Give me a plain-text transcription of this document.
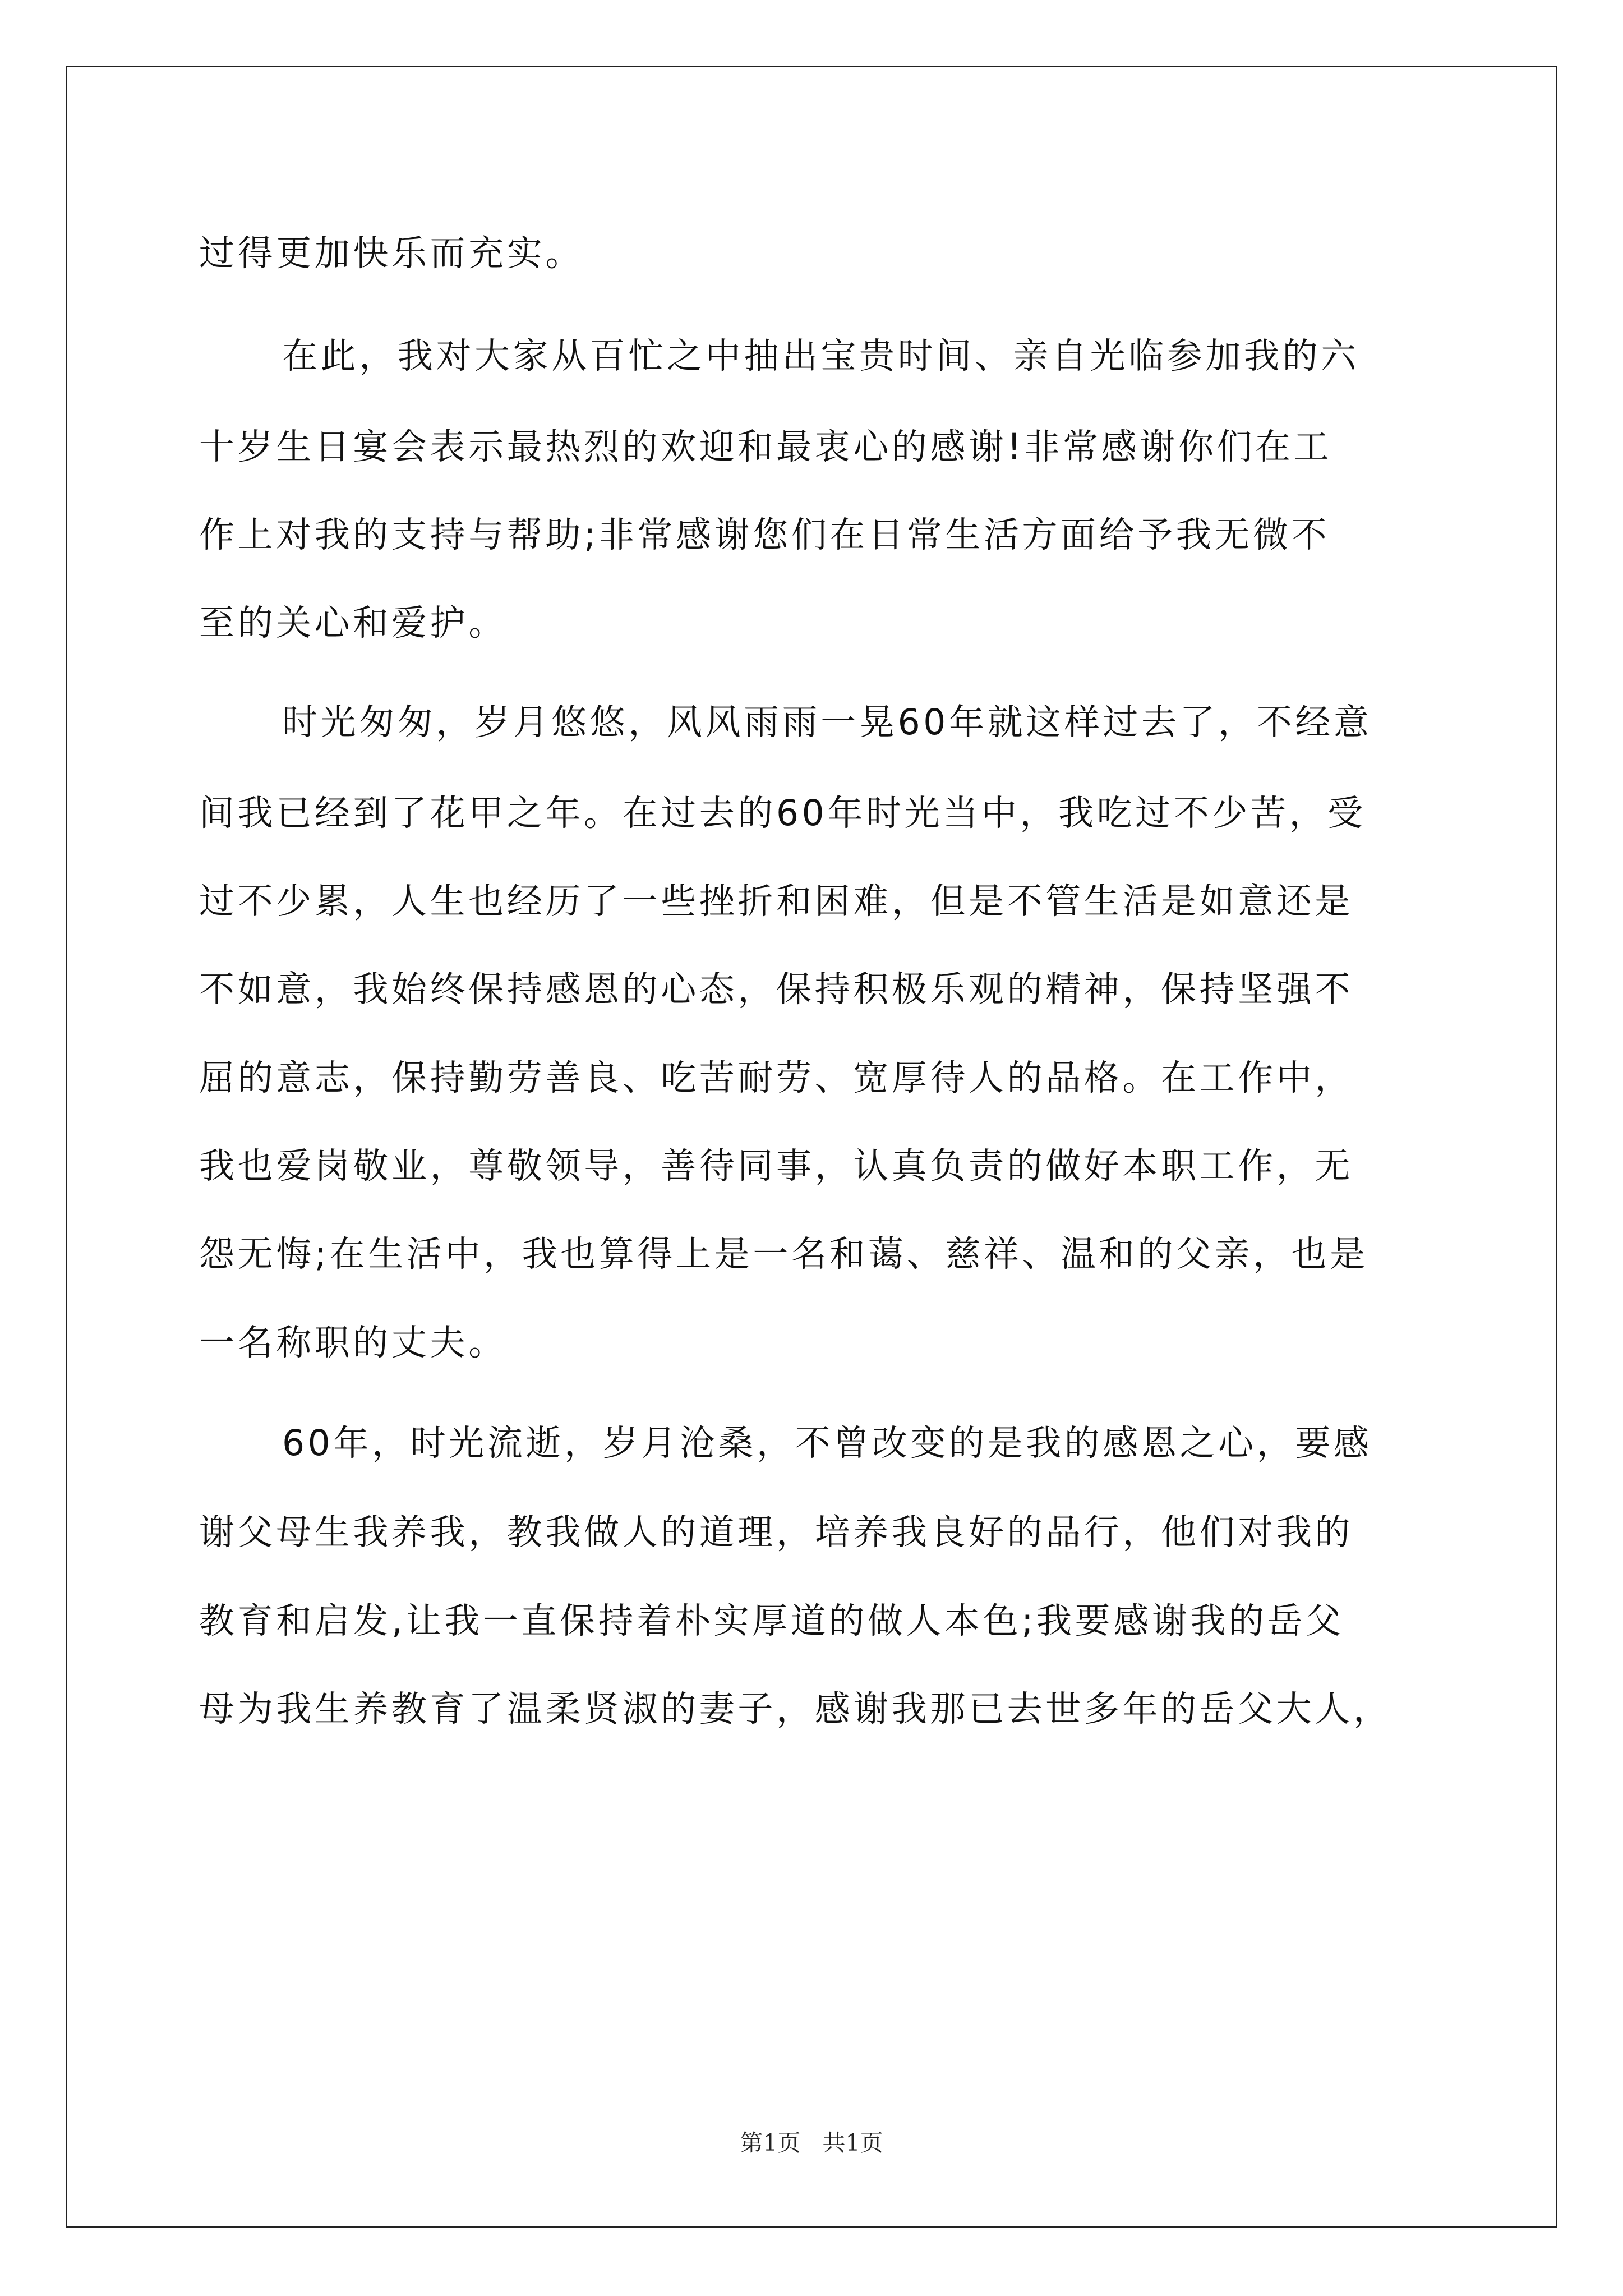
过得更加快乐而充实。
在此，我对大家从百忙之中抽出宝贵时间、亲自光临参加我的六
十岁生日宴会表示最热烈的欢迎和最衷心的感谢!非常感谢你们在工
作上对我的支持与帮助;非常感谢您们在日常生活方面给予我无微不
至的关心和爱护。
时光匆匆，岁月悠悠，风风雨雨一晃60年就这样过去了，不经意
间我已经到了花甲之年。在过去的60年时光当中，我吃过不少苦，受
过不少累，人生也经历了一些挫折和困难，但是不管生活是如意还是
不如意，我始终保持感恩的心态，保持积极乐观的精神，保持坚强不
屈的意志，保持勤劳善良、吃苦耐劳、宽厚待人的品格。在工作中，
我也爱岗敬业，尊敬领导，善待同事，认真负责的做好本职工作，无
怨无悔;在生活中，我也算得上是一名和蔼、慈祥、温和的父亲，也是
一名称职的丈夫。
60年，时光流逝，岁月沧桑，不曾改变的是我的感恩之心，要感
谢父母生我养我，教我做人的道理，培养我良好的品行，他们对我的
教育和启发,让我一直保持着朴实厚道的做人本色;我要感谢我的岳父
母为我生养教育了温柔贤淑的妻子，感谢我那已去世多年的岳父大人，
第1页   共1页
